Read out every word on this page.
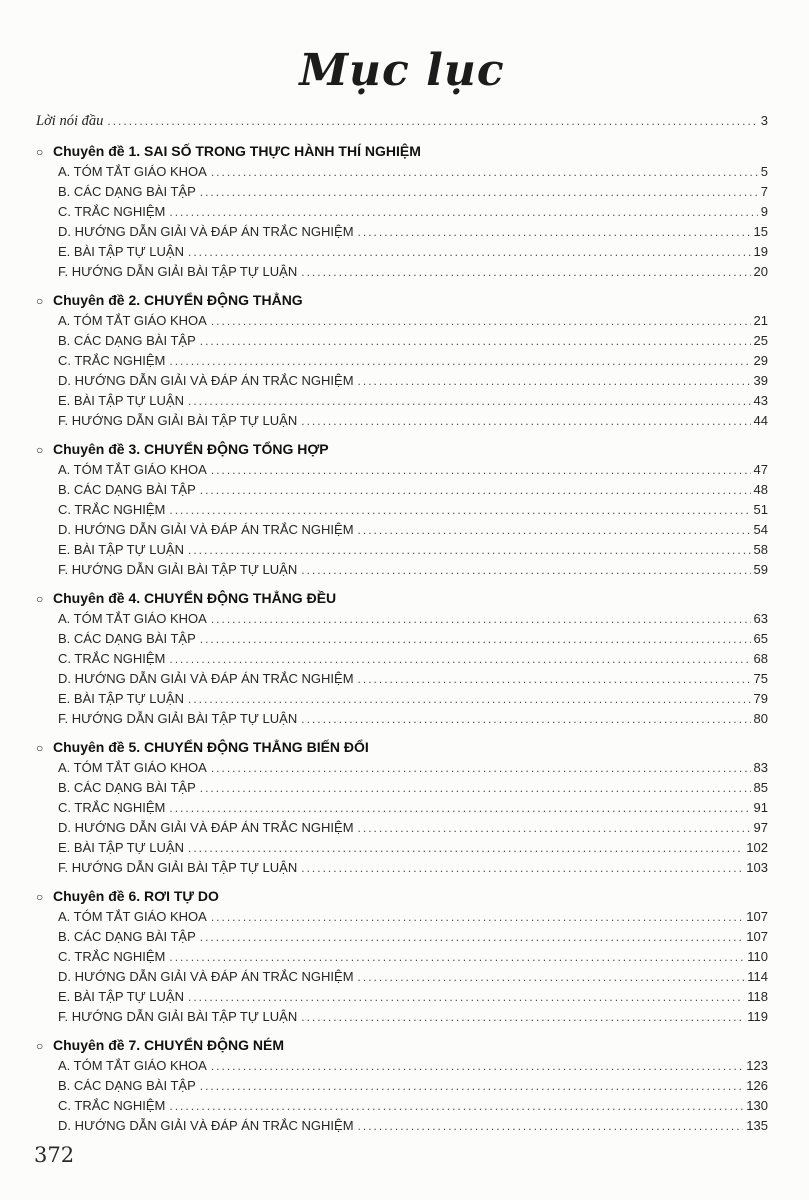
Mục lục
Lời nói đầu .....	3
○ Chuyên đề 1. SAI SỐ TRONG THỰC HÀNH THÍ NGHIỆM
A. TÓM TẮT GIÁO KHOA .....	5
B. CÁC DẠNG BÀI TẬP .....	7
C. TRẮC NGHIỆM .....	9
D. HƯỚNG DẪN GIẢI VÀ ĐÁP ÁN TRẮC NGHIỆM .....	15
E. BÀI TẬP TỰ LUẬN .....	19
F. HƯỚNG DẪN GIẢI BÀI TẬP TỰ LUẬN .....	20
○ Chuyên đề 2. CHUYỂN ĐỘNG THẲNG
A. TÓM TẮT GIÁO KHOA .....	21
B. CÁC DẠNG BÀI TẬP .....	25
C. TRẮC NGHIỆM .....	29
D. HƯỚNG DẪN GIẢI VÀ ĐÁP ÁN TRẮC NGHIỆM .....	39
E. BÀI TẬP TỰ LUẬN .....	43
F. HƯỚNG DẪN GIẢI BÀI TẬP TỰ LUẬN .....	44
○ Chuyên đề 3. CHUYỂN ĐỘNG TỔNG HỢP
A. TÓM TẮT GIÁO KHOA .....	47
B. CÁC DẠNG BÀI TẬP .....	48
C. TRẮC NGHIỆM .....	51
D. HƯỚNG DẪN GIẢI VÀ ĐÁP ÁN TRẮC NGHIỆM .....	54
E. BÀI TẬP TỰ LUẬN .....	58
F. HƯỚNG DẪN GIẢI BÀI TẬP TỰ LUẬN .....	59
○ Chuyên đề 4. CHUYỂN ĐỘNG THẲNG ĐỀU
A. TÓM TẮT GIÁO KHOA .....	63
B. CÁC DẠNG BÀI TẬP .....	65
C. TRẮC NGHIỆM .....	68
D. HƯỚNG DẪN GIẢI VÀ ĐÁP ÁN TRẮC NGHIỆM .....	75
E. BÀI TẬP TỰ LUẬN .....	79
F. HƯỚNG DẪN GIẢI BÀI TẬP TỰ LUẬN .....	80
○ Chuyên đề 5. CHUYỂN ĐỘNG THẲNG BIẾN ĐỔI
A. TÓM TẮT GIÁO KHOA .....	83
B. CÁC DẠNG BÀI TẬP .....	85
C. TRẮC NGHIỆM .....	91
D. HƯỚNG DẪN GIẢI VÀ ĐÁP ÁN TRẮC NGHIỆM .....	97
E. BÀI TẬP TỰ LUẬN .....	102
F. HƯỚNG DẪN GIẢI BÀI TẬP TỰ LUẬN .....	103
○ Chuyên đề 6. RƠI TỰ DO
A. TÓM TẮT GIÁO KHOA .....	107
B. CÁC DẠNG BÀI TẬP .....	107
C. TRẮC NGHIỆM .....	110
D. HƯỚNG DẪN GIẢI VÀ ĐÁP ÁN TRẮC NGHIỆM .....	114
E. BÀI TẬP TỰ LUẬN .....	118
F. HƯỚNG DẪN GIẢI BÀI TẬP TỰ LUẬN .....	119
○ Chuyên đề 7. CHUYỂN ĐỘNG NÉM
A. TÓM TẮT GIÁO KHOA .....	123
B. CÁC DẠNG BÀI TẬP .....	126
C. TRẮC NGHIỆM .....	130
D. HƯỚNG DẪN GIẢI VÀ ĐÁP ÁN TRẮC NGHIỆM .....	135
372
